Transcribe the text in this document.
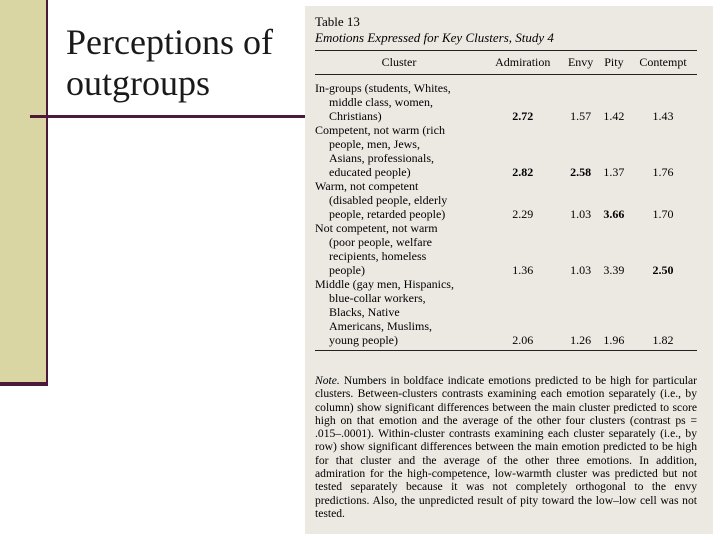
Perceptions of outgroups
Table 13
Emotions Expressed for Key Clusters, Study 4
Cluster	Admiration	Envy	Pity	Contempt

In-groups (students, Whites,
middle class, women,
Christians)	2.72	1.57	1.42	1.43

Competent, not warm (rich
people, men, Jews,
Asians, professionals,
educated people)	2.82	2.58	1.37	1.76

Warm, not competent
(disabled people, elderly
people, retarded people)	2.29	1.03	3.66	1.70

Not competent, not warm
(poor people, welfare
recipients, homeless
people)	1.36	1.03	3.39	2.50

Middle (gay men, Hispanics,
blue-collar workers,
Blacks, Native
Americans, Muslims,
young people)	2.06	1.26	1.96	1.82
Note. Numbers in boldface indicate emotions predicted to be high for particular clusters. Between-clusters contrasts examining each emotion separately (i.e., by column) show significant differences between the main cluster predicted to score high on that emotion and the average of the other four clusters (contrast ps = .015–.0001). Within-cluster contrasts examining each cluster separately (i.e., by row) show significant differences between the main emotion predicted to be high for that cluster and the average of the other three emotions. In addition, admiration for the high-competence, low-warmth cluster was predicted but not tested separately because it was not completely orthogonal to the envy predictions. Also, the unpredicted result of pity toward the low–low cell was not tested.
